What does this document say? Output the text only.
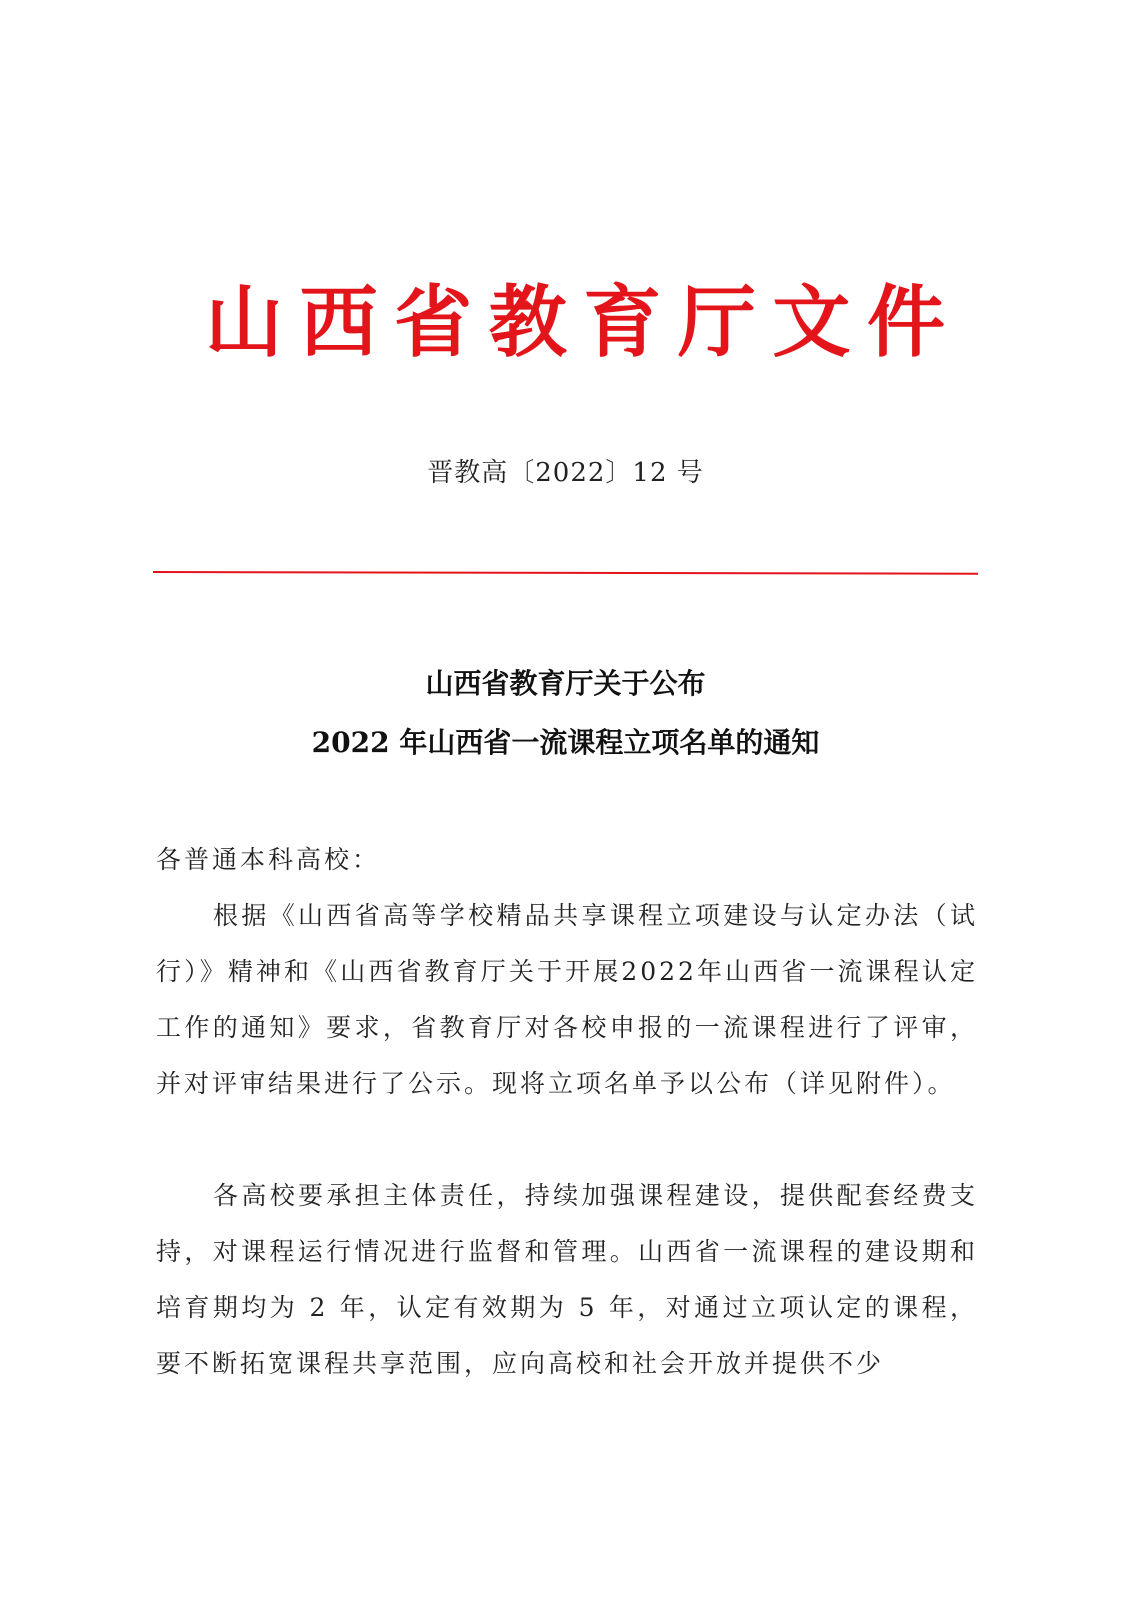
山 西 省 教 育 厅 文 件
晋教高〔2022〕12 号
山西省教育厅关于公布
2022 年山西省一流课程立项名单的通知
各普通本科高校：

根据《山西省高等学校精品共享课程立项建设与认定办法（试行）》精神和《山西省教育厅关于开展2022年山西省一流课程认定工作的通知》要求，省教育厅对各校申报的一流课程进行了评审，并对评审结果进行了公示。现将立项名单予以公布（详见附件）。

各高校要承担主体责任，持续加强课程建设，提供配套经费支持，对课程运行情况进行监督和管理。山西省一流课程的建设期和培育期均为 2 年，认定有效期为 5 年，对通过立项认定的课程，要不断拓宽课程共享范围，应向高校和社会开放并提供不少
